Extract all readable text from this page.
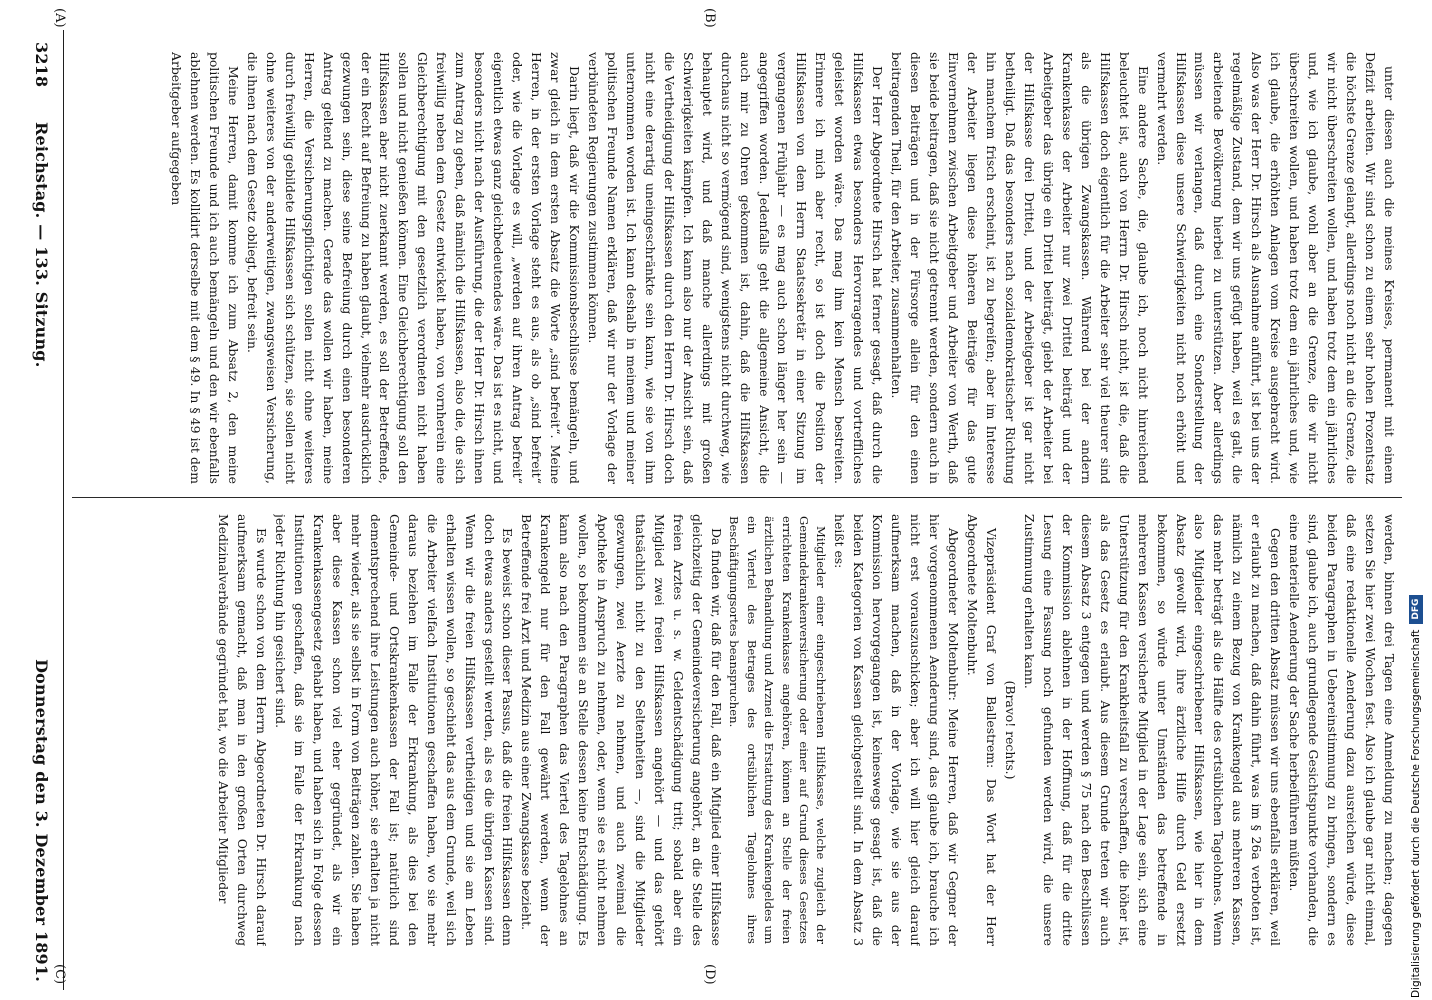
3218
Reichstag. — 133. Sitzung.
Donnerstag den 3. Dezember 1891.
(A)	(B)
(C)	(D)

unter diesen auch die meines Kreises, permanent mit einem Defizit arbeiten. Wir sind schon zu einem sehr hohen Prozentsatz die höchste Grenze gelangt, allerdings noch nicht an die Grenze, die wir nicht überschreiten wollen, und haben trotz dem ein jährliches und, wie ich glaube, wohl aber an die Grenze, die wir nicht überschreiten wollen, und haben trotz dem ein jährliches und, wie ich glaube, die erhöhten Anlagen vom Kreise ausgebracht wird. Also was der Herr Dr. Hirsch als Ausnahme anführt, ist bei uns der regelmäßige Zustand, dem wir uns gefügt haben, weil es galt, die arbeitende Bevölkerung hierbei zu unterstützen. Aber allerdings müssen wir verlangen, daß durch eine Sonderstellung der Hilfskassen diese unsere Schwierigkeiten nicht noch erhöht und vermehrt werden.

Eine andere Sache, die, glaube ich, noch nicht hinreichend beleuchtet ist, auch von Herrn Dr. Hirsch nicht, ist die, daß die Hilfskassen doch eigentlich für die Arbeiter sehr viel theurer sind als die übrigen Zwangskassen. Während bei der andern Krankenkasse der Arbeiter nur zwei Drittel beiträgt und der Arbeitgeber das übrige ein Drittel beiträgt, giebt der Arbeiter bei der Hilfskasse drei Drittel, und der Arbeitgeber ist gar nicht betheiligt. Daß das besonders nach sozialdemokratischer Richtung hin manchem frisch erscheint, ist zu begreifen; aber im Interesse der Arbeiter liegen diese höheren Beiträge für das gute Einvernehmen zwischen Arbeitgeber und Arbeiter von Werth, daß sie beide beitragen, daß sie nicht getrennt werden, sondern auch in diesen Beiträgen und in der Fürsorge allein für den einen beitragenden Theil, für den Arbeiter, zusammenhalten.

Der Herr Abgeordnete Hirsch hat ferner gesagt, daß durch die Hilfskassen etwas besonders Hervorragendes und vortreffliches geleistet worden wäre. Das mag ihm kein Mensch bestreiten. Erinnere ich mich aber recht, so ist doch die Position der Hilfskassen von dem Herrn Staatssekretär in einer Sitzung im vergangenen Frühjahr — es mag auch schon länger her sein — angegriffen worden. Jedenfalls geht die allgemeine Ansicht, die auch mir zu Ohren gekommen ist, dahin, daß die Hilfskassen durchaus nicht so vermögend sind, wenigstens nicht durchweg, wie behauptet wird, und daß manche allerdings mit großen Schwierigkeiten kämpfen. Ich kann also nur der Ansicht sein, daß die Vertheidigung der Hilfskassen durch den Herrn Dr. Hirsch doch nicht eine derartig uneingeschränkte sein kann, wie sie von ihm unternommen worden ist. Ich kann deshalb in meinem und meiner politischen Freunde Namen erklären, daß wir nur der Vorlage der verbündeten Regierungen zustimmen können.

Darin liegt, daß wir die Kommissionsbeschlüsse bemängeln, und zwar gleich in dem ersten Absatz die Worte „sind befreit“. Meine Herren, in der ersten Vorlage steht es aus, als ob „sind befreit“ oder, wie die Vorlage es will, „werden auf ihren Antrag befreit“ eigentlich etwas ganz gleichbedeutendes wäre. Das ist es nicht, und besonders nicht nach der Ausführung, die der Herr Dr. Hirsch ihnen zum Antrag zu geben, daß nämlich die Hilfskassen, also die, die sich freiwillig neben dem Gesetz entwickelt haben, von vornherein eine Gleichberechtigung mit den gesetzlich verordneten nicht haben sollen und nicht genießen können. Eine Gleichberechtigung soll den Hilfskassen aber nicht zuerkannt werden, es soll der Betreffende, der ein Recht auf Befreiung zu haben glaubt, vielmehr ausdrücklich gezwungen sein, diese seine Befreiung durch einen besonderen Antrag geltend zu machen. Gerade das wollen wir haben, meine Herren, die Versicherungspflichtigen sollen nicht ohne weiteres durch freiwillig gebildete Hilfskassen sich schützen, sie sollen nicht ohne weiteres von der anderweitigen, zwangsweisen Versicherung, die ihnen nach dem Gesetz obliegt, befreit sein.

Meine Herren, damit komme ich zum Absatz 2, den meine politischen Freunde und ich auch bemängeln und den wir ebenfalls ablehnen werden. Es kollidirt derselbe mit dem § 49. In § 49 ist dem Arbeitgeber aufgegeben

werden, binnen drei Tagen eine Anmeldung zu machen; dagegen setzen Sie hier zwei Wochen fest. Also ich glaube gar nicht einmal, daß eine redaktionelle Aenderung dazu ausreichen würde, diese beiden Paragraphen in Uebereinstimmung zu bringen, sondern es sind, glaube ich, auch grundlegende Gesichtspunkte vorhanden, die eine materielle Aenderung der Sache herbeiführen müßten.

Gegen den dritten Absatz müssen wir uns ebenfalls erklären, weil er erlaubt zu machen, daß dahin führt, was im § 26a verboten ist, nämlich zu einem Bezug von Krankengeld aus mehreren Kassen, das mehr beträgt als die Hälfte des ortsüblichen Tagelohnes. Wenn also Mitglieder eingeschriebener Hilfskassen, wie hier in dem Absatz gewollt wird, ihre ärztliche Hilfe durch Geld ersetzt bekommen, so würde unter Umständen das betreffende in mehreren Kassen versicherte Mitglied in der Lage sein, sich eine Unterstützung für den Krankheitsfall zu verschaffen, die höher ist, als das Gesetz es erlaubt. Aus diesem Grunde treten wir auch diesem Absatz 3 entgegen und werden § 75 nach den Beschlüssen der Kommission ablehnen in der Hoffnung, daß für die dritte Lesung eine Fassung noch gefunden werden wird, die unsere Zustimmung erhalten kann.

(Bravo! rechts.)

Vizepräsident Graf von Ballestrem: Das Wort hat der Herr Abgeordnete Moltenbuhr.

Abgeordneter Moltenbuhr: Meine Herren, daß wir Gegner der hier vorgenommenen Aenderung sind, das glaube ich, brauche ich nicht erst vorauszuschicken; aber ich will hier gleich darauf aufmerksam machen, daß in der Vorlage, wie sie aus der Kommission hervorgegangen ist, keineswegs gesagt ist, daß die beiden Kategorien von Kassen gleichgestellt sind. In dem Absatz 3 heißt es:

Mitglieder einer eingeschriebenen Hilfskasse, welche zugleich der Gemeindekrankenversicherung oder einer auf Grund dieses Gesetzes errichteten Krankenkasse angehören, können an Stelle der freien ärztlichen Behandlung und Arznei die Erstattung des Krankengeldes um ein Viertel des Betrages des ortsüblichen Tagelohnes ihres Beschäftigungsortes beanspruchen.

Da finden wir, daß für den Fall, daß ein Mitglied einer Hilfskasse gleichzeitig der Gemeindeversicherung angehört, an die Stelle des freien Arztes u. s. w. Geldentschädigung tritt; sobald aber ein Mitglied zwei freien Hilfskassen angehört — und das gehört thatsächlich nicht zu den Seltenheiten —, sind die Mitglieder gezwungen, zwei Aerzte zu nehmen, und auch zweimal die Apotheke in Anspruch zu nehmen, oder, wenn sie es nicht nehmen wollen, so bekommen sie an Stelle dessen keine Entschädigung. Es kann also nach den Paragraphen das Viertel des Tagelohnes an Krankengeld nur für den Fall gewährt werden, wenn der Betreffende frei Arzt und Medizin aus einer Zwangskasse bezieht.

Es beweist schon dieser Passus, daß die freien Hilfskassen denn doch etwas anders gestellt werden, als es die übrigen Kassen sind. Wenn wir die freien Hilfskassen vertheidigen und sie am Leben erhalten wissen wollen, so geschieht das aus dem Grunde, weil sich die Arbeiter vielfach Institutionen geschaffen haben, wo sie mehr daraus beziehen im Falle der Erkrankung, als dies bei den Gemeinde- und Ortskrankenkassen der Fall ist; natürlich sind dementsprechend ihre Leistungen auch höher, sie erhalten ja nicht mehr wieder, als sie selbst in Form von Beiträgen zahlen. Sie haben aber diese Kassen schon viel eher gegründet, als wir ein Krankenkassengesetz gehabt haben, und haben sich in Folge dessen Institutionen geschaffen, daß sie im Falle der Erkrankung nach jeder Richtung hin gesichert sind.

Es wurde schon von dem Herrn Abgeordneten Dr. Hirsch darauf aufmerksam gemacht, daß man in den großen Orten durchweg Medizinalverbände gegründet hat, wo die Arbeiter Mitglieder	Digitalisierung gefördert durch die Deutsche ForschungsgemeinschaftDFG
